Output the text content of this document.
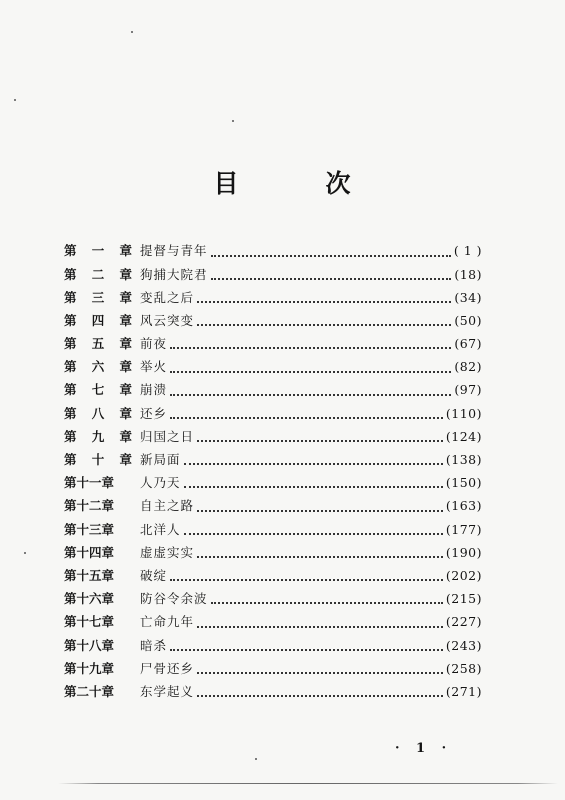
目	次
第 一 章 提督与青年	( 1 )
第 二 章 狗捕大院君	(18)
第 三 章 变乱之后	(34)
第 四 章 风云突变	(50)
第 五 章 前夜	(67)
第 六 章 举火	(82)
第 七 章 崩溃	(97)
第 八 章 还乡	(110)
第 九 章 归国之日	(124)
第 十 章 新局面	(138)
第十一章 人乃天	(150)
第十二章 自主之路	(163)
第十三章 北洋人	(177)
第十四章 虚虚实实	(190)
第十五章 破绽	(202)
第十六章 防谷令余波	(215)
第十七章 亡命九年	(227)
第十八章 暗杀	(243)
第十九章 尸骨还乡	(258)
第二十章 东学起义	(271)
· 1 ·
